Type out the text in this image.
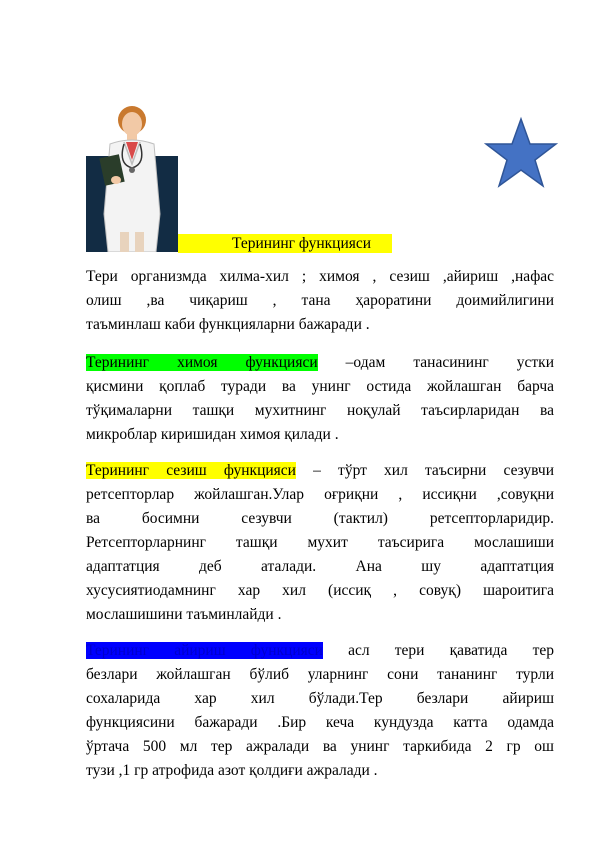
Терининг функцияси
Тери организмда хилма-хил ; химоя , сезиш ,айириш ,нафас
олиш ,ва чиқариш , тана ҳароратини доимийлигини
таъминлаш каби функцияларни бажаради .
Терининг химоя функцияси –одам танасининг устки
қисмини қоплаб туради ва унинг остида жойлашган барча
тўқималарни ташқи мухитнинг ноқулай таъсирларидан ва
микроблар киришидан химоя қилади .
Терининг сезиш функцияси – тўрт хил таъсирни сезувчи
ретсепторлар жойлашган.Улар оғриқни , иссиқни ,совуқни
ва босимни сезувчи (тактил) ретсепторларидир.
Ретсепторларнинг ташқи мухит таъсирига мослашиши
адаптатция деб аталади. Ана шу адаптатция
хусусиятиодамнинг хар хил (иссиқ , совуқ) шароитига
мослашишини таъминлайди .
Терининг айириш функцияси асл тери қаватида тер
безлари жойлашган бўлиб уларнинг сони тананинг турли
сохаларида хар хил бўлади.Тер безлари айириш
функциясини бажаради .Бир кеча кундузда катта одамда
ўртача 500 мл тер ажралади ва унинг таркибида 2 гр ош
тузи ,1 гр атрофида азот қолдиғи ажралади .
